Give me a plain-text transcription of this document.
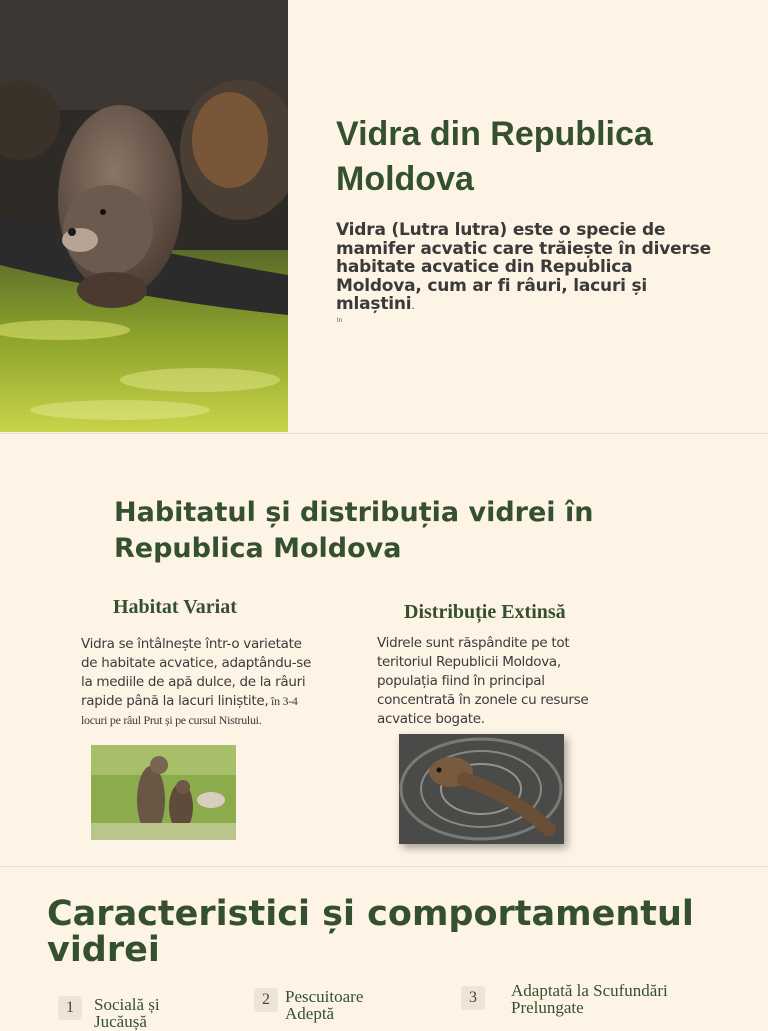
Vidra din Republica Moldova

Vidra (Lutra lutra) este o specie de mamifer acvatic care trăiește în diverse habitate acvatice din Republica Moldova, cum ar fi râuri, lacuri și mlaștini.

tn
Habitatul și distribuția vidrei în Republica Moldova
Habitat Variat

Vidra se întâlnește într-o varietate de habitate acvatice, adaptându-se la mediile de apă dulce, de la râuri rapide până la lacuri liniștite, în 3-4 locuri pe râul Prut și pe cursul Nistrului.

Distribuție Extinsă

Vidrele sunt răspândite pe tot teritoriul Republicii Moldova, populația fiind în principal concentrată în zonele cu resurse acvatice bogate.

Caracteristici și comportamentul vidrei
1	Socială și Jucăușă
2 Pescuitoare Adeptă
3	Adaptată la Scufundări Prelungate
